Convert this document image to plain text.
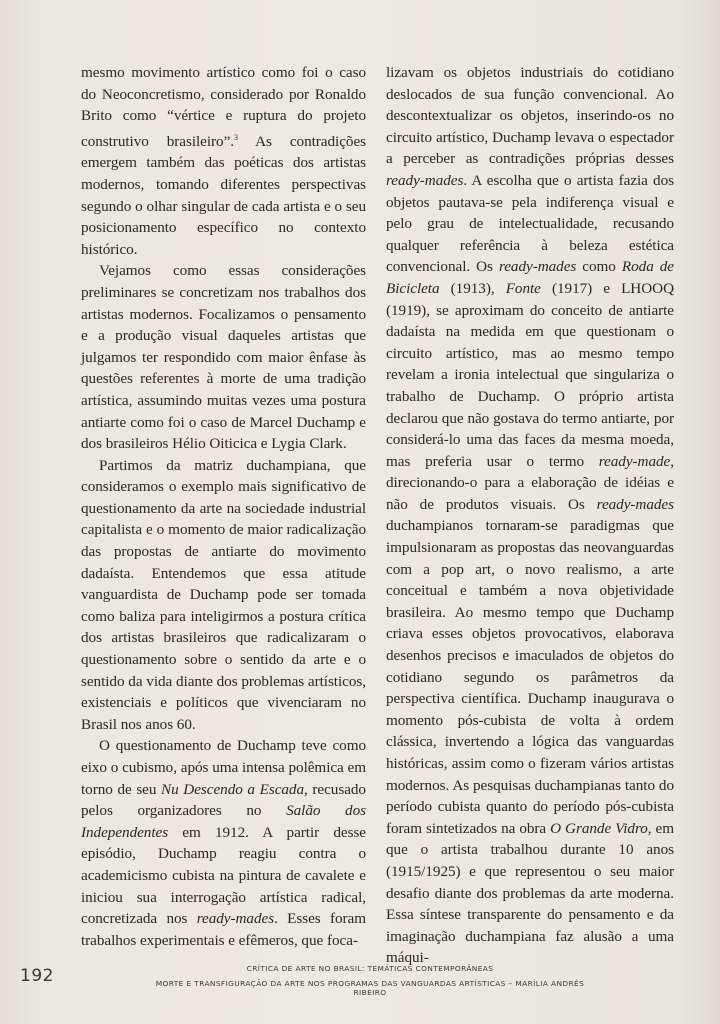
mesmo movimento artístico como foi o caso do Neoconcretismo, considerado por Ronaldo Brito como “vértice e ruptura do projeto construtivo brasileiro”.$^3$ As contradições emergem também das poéticas dos artistas modernos, tomando diferentes perspectivas segundo o olhar singular de cada artista e o seu posicionamento específico no contexto histórico.

Vejamos como essas considerações preliminares se concretizam nos trabalhos dos artistas modernos. Focalizamos o pensamento e a produção visual daqueles artistas que julgamos ter respondido com maior ênfase às questões referentes à morte de uma tradição artística, assumindo muitas vezes uma postura antiarte como foi o caso de Marcel Duchamp e dos brasileiros Hélio Oiticica e Lygia Clark.

Partimos da matriz duchampiana, que consideramos o exemplo mais significativo de questionamento da arte na sociedade industrial capitalista e o momento de maior radicalização das propostas de antiarte do movimento dadaísta. Entendemos que essa atitude vanguardista de Duchamp pode ser tomada como baliza para inteligirmos a postura crítica dos artistas brasileiros que radicalizaram o questionamento sobre o sentido da arte e o sentido da vida diante dos problemas artísticos, existenciais e políticos que vivenciaram no Brasil nos anos 60.

O questionamento de Duchamp teve como eixo o cubismo, após uma intensa polêmica em torno de seu Nu Descendo a Escada, recusado pelos organizadores no Salão dos Independentes em 1912. A partir desse episódio, Duchamp reagiu contra o academicismo cubista na pintura de cavalete e iniciou sua interrogação artística radical, concretizada nos ready-mades. Esses foram trabalhos experimentais e efêmeros, que foca-

lizavam os objetos industriais do cotidiano deslocados de sua função convencional. Ao descontextualizar os objetos, inserindo-os no circuito artístico, Duchamp levava o espectador a perceber as contradições próprias desses ready-mades. A escolha que o artista fazia dos objetos pautava-se pela indiferença visual e pelo grau de intelectualidade, recusando qualquer referência à beleza estética convencional. Os ready-mades como Roda de Bicicleta (1913), Fonte (1917) e LHOOQ (1919), se aproximam do conceito de antiarte dadaísta na medida em que questionam o circuito artístico, mas ao mesmo tempo revelam a ironia intelectual que singulariza o trabalho de Duchamp. O próprio artista declarou que não gostava do termo antiarte, por considerá-lo uma das faces da mesma moeda, mas preferia usar o termo ready-made, direcionando-o para a elaboração de idéias e não de produtos visuais. Os ready-mades duchampianos tornaram-se paradigmas que impulsionaram as propostas das neovanguardas com a pop art, o novo realismo, a arte conceitual e também a nova objetividade brasileira. Ao mesmo tempo que Duchamp criava esses objetos provocativos, elaborava desenhos precisos e imaculados de objetos do cotidiano segundo os parâmetros da perspectiva científica. Duchamp inaugurava o momento pós-cubista de volta à ordem clássica, invertendo a lógica das vanguardas históricas, assim como o fizeram vários artistas modernos. As pesquisas duchampianas tanto do período cubista quanto do período pós-cubista foram sintetizados na obra O Grande Vidro, em que o artista trabalhou durante 10 anos (1915/1925) e que representou o seu maior desafio diante dos problemas da arte moderna. Essa síntese transparente do pensamento e da imaginação duchampiana faz alusão a uma máqui-

192	CRÍTICA DE ARTE NO BRASIL: TEMÁTICAS CONTEMPORÂNEAS
MORTE E TRANSFIGURAÇÃO DA ARTE NOS PROGRAMAS DAS VANGUARDAS ARTÍSTICAS – MARÍLIA ANDRÉS RIBEIRO
